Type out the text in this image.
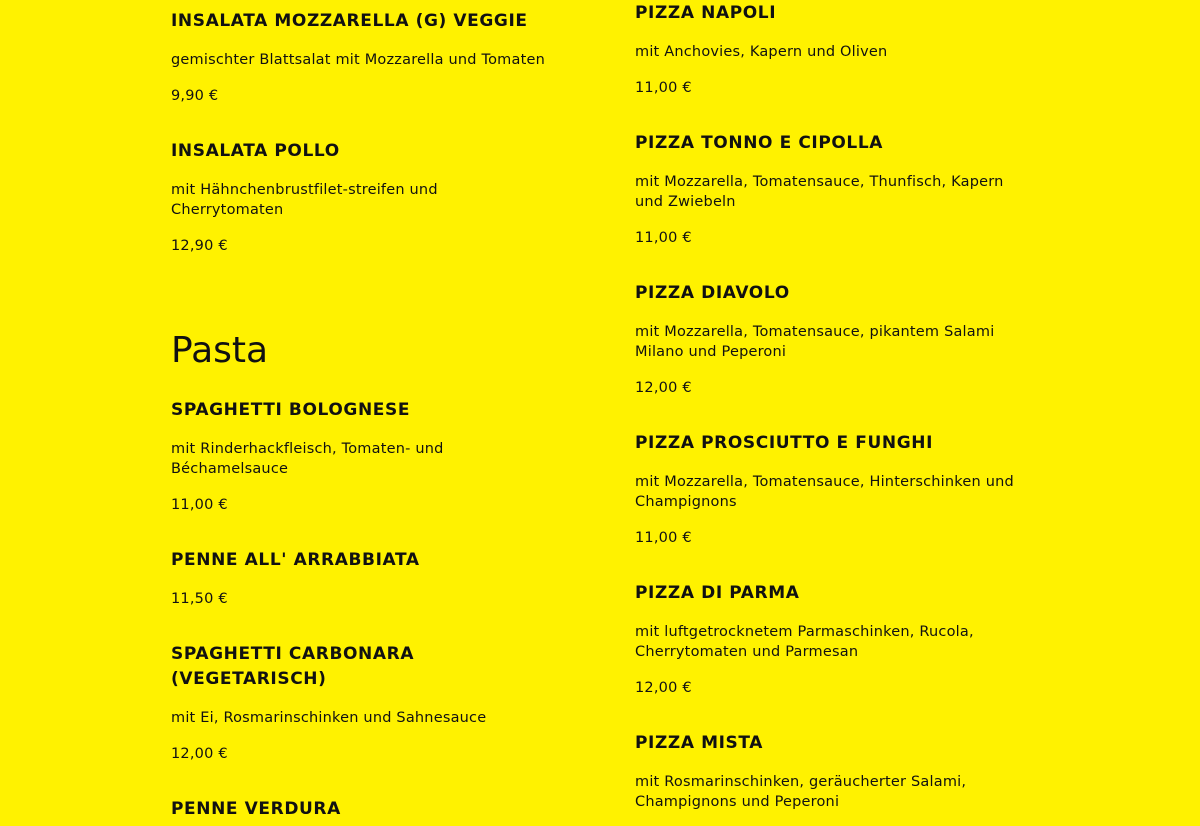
INSALATA MOZZARELLA (G) VEGGIE

gemischter Blattsalat mit Mozzarella und Tomaten

9,90 €

INSALATA POLLO

mit Hähnchenbrustfilet-streifen und Cherrytomaten

12,90 €

Pasta
SPAGHETTI BOLOGNESE

mit Rinderhackfleisch, Tomaten- und Béchamelsauce

11,00 €

PENNE ALL' ARRABBIATA

11,50 €

SPAGHETTI CARBONARA (VEGETARISCH)

mit Ei, Rosmarinschinken und Sahnesauce

12,00 €

PENNE VERDURA
PIZZA NAPOLI

mit Anchovies, Kapern und Oliven

11,00 €

PIZZA TONNO E CIPOLLA

mit Mozzarella, Tomatensauce, Thunfisch, Kapern und Zwiebeln

11,00 €

PIZZA DIAVOLO

mit Mozzarella, Tomatensauce, pikantem Salami Milano und Peperoni

12,00 €

PIZZA PROSCIUTTO E FUNGHI

mit Mozzarella, Tomatensauce, Hinterschinken und Champignons

11,00 €

PIZZA DI PARMA

mit luftgetrocknetem Parmaschinken, Rucola, Cherrytomaten und Parmesan

12,00 €

PIZZA MISTA

mit Rosmarinschinken, geräucherter Salami, Champignons und Peperoni
